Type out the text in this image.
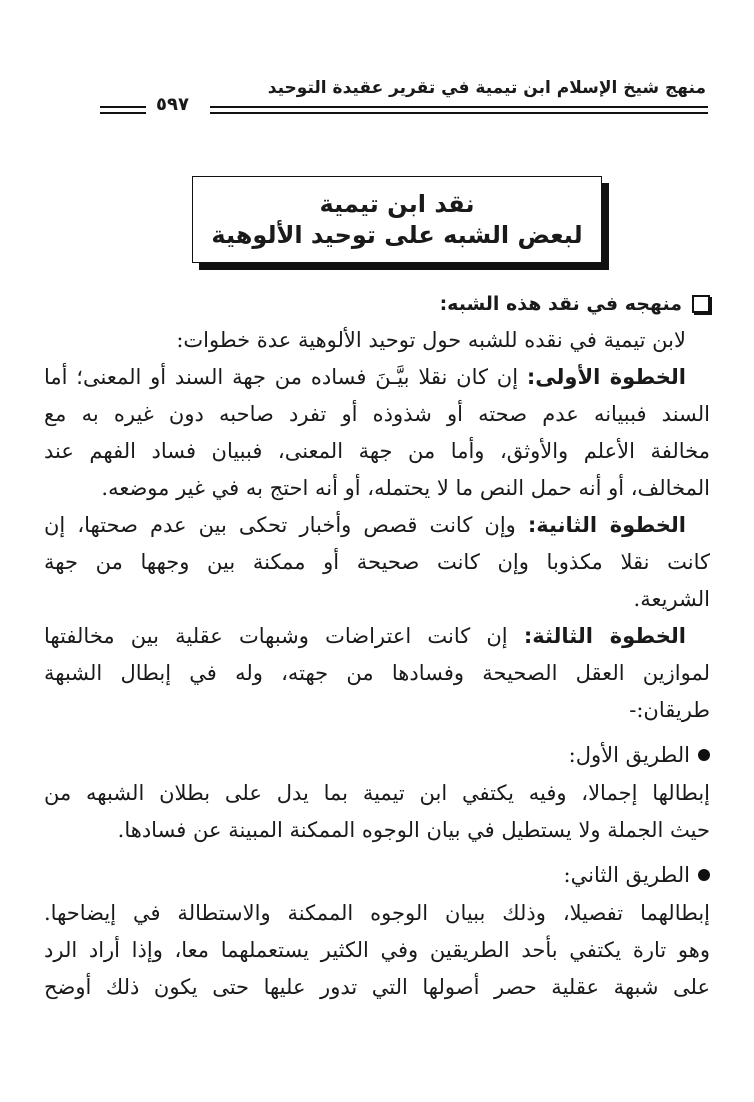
منهج شيخ الإسلام ابن تيمية في تقرير عقيدة التوحيد
٥٩٧
نقد ابن تيمية
لبعض الشبه على توحيد الألوهية
منهجه في نقد هذه الشبه:
لابن تيمية في نقده للشبه حول توحيد الألوهية عدة خطوات:
الخطوة الأولى: إن كان نقلا بيَّـنَ فساده من جهة السند أو المعنى؛ أما
السند فببيانه عدم صحته أو شذوذه أو تفرد صاحبه دون غيره به مع
مخالفة الأعلم والأوثق، وأما من جهة المعنى، فببيان فساد الفهم عند
المخالف، أو أنه حمل النص ما لا يحتمله، أو أنه احتج به في غير موضعه.
الخطوة الثانية: وإن كانت قصص وأخبار تحكى بين عدم صحتها، إن
كانت نقلا مكذوبا وإن كانت صحيحة أو ممكنة بين وجهها من جهة
الشريعة.
الخطوة الثالثة: إن كانت اعتراضات وشبهات عقلية بين مخالفتها
لموازين العقل الصحيحة وفسادها من جهته، وله في إبطال الشبهة
طريقان:-
الطريق الأول:
إبطالها إجمالا، وفيه يكتفي ابن تيمية بما يدل على بطلان الشبهه من
حيث الجملة ولا يستطيل في بيان الوجوه الممكنة المبينة عن فسادها.
الطريق الثاني:
إبطالهما تفصيلا، وذلك ببيان الوجوه الممكنة والاستطالة في إيضاحها.
وهو تارة يكتفي بأحد الطريقين وفي الكثير يستعملهما معا، وإذا أراد الرد
على شبهة عقلية حصر أصولها التي تدور عليها حتى يكون ذلك أوضح
